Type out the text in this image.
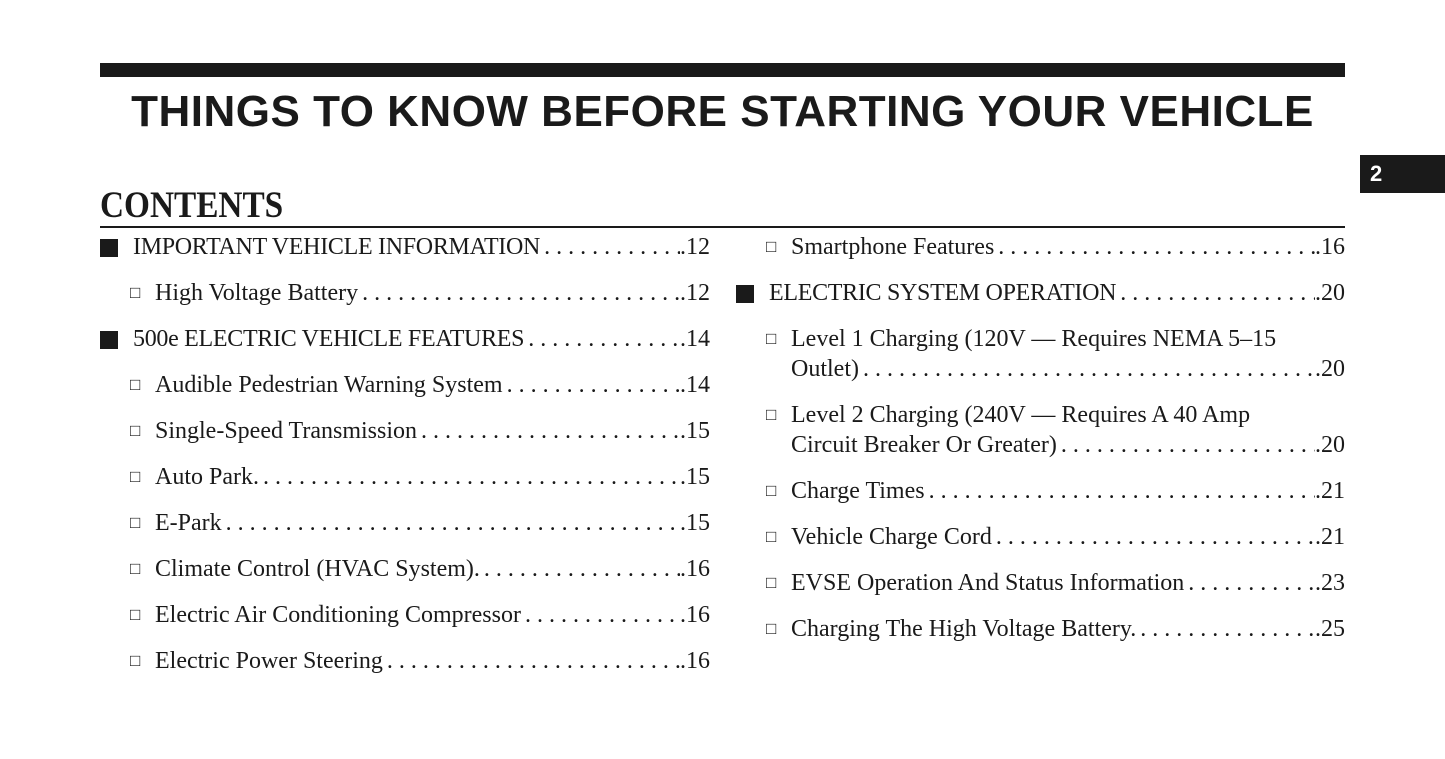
THINGS TO KNOW BEFORE STARTING YOUR VEHICLE
2
CONTENTS
IMPORTANT VEHICLE INFORMATION . . .	.12
□ High Voltage Battery . . .	.12
500e ELECTRIC VEHICLE FEATURES . . .	.14
□ Audible Pedestrian Warning System . . .	.14
□ Single-Speed Transmission . . .	.15
□ Auto Park. . . .	.15
□ E-Park . . .	.15
□ Climate Control (HVAC System). . . .	.16
□ Electric Air Conditioning Compressor . . .	.16
□ Electric Power Steering . . .	.16
□ Smartphone Features . . .	.16
ELECTRIC SYSTEM OPERATION . . .	.20
□ Level 1 Charging (120V — Requires NEMA 5–15
Outlet) . . .	.20
□ Level 2 Charging (240V — Requires A 40 Amp
Circuit Breaker Or Greater) . . .	.20
□ Charge Times . . .	.21
□ Vehicle Charge Cord . . .	.21
□ EVSE Operation And Status Information . . .	.23
□ Charging The High Voltage Battery. . . .	.25
